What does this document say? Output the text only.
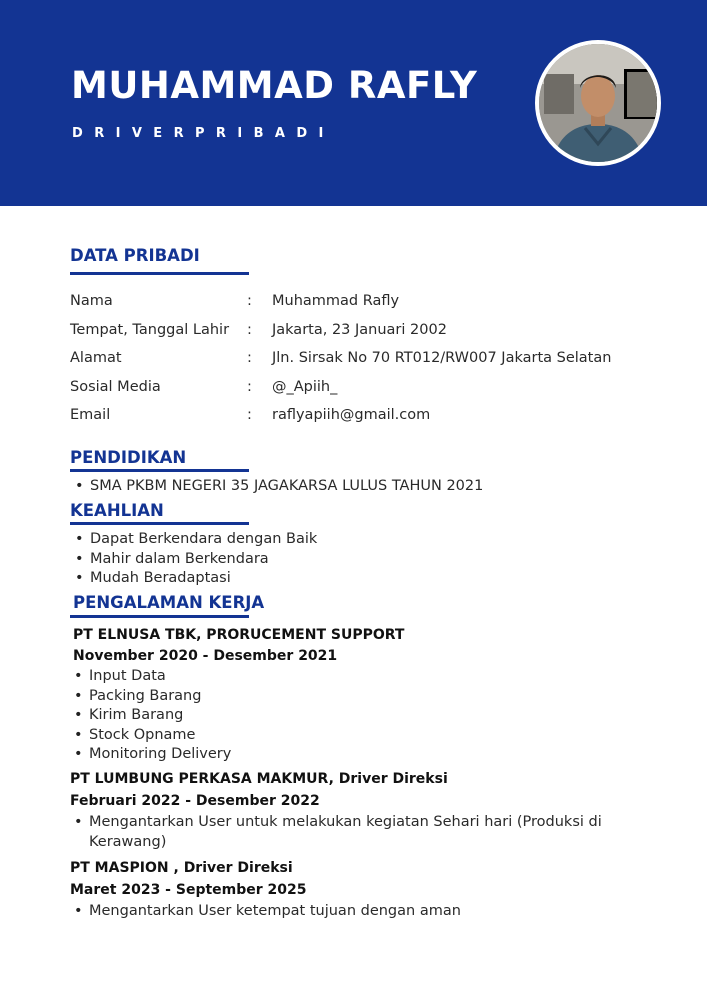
MUHAMMAD RAFLY
DRIVERPRIBADI
DATA PRIBADI
Nama	: Muhammad Rafly
Tempat, Tanggal Lahir : Jakarta, 23 Januari 2002
Alamat	: Jln. Sirsak No 70 RT012/RW007 Jakarta Selatan
Sosial Media	: @_Apiih_
Email	: raflyapiih@gmail.com
PENDIDIKAN
• SMA PKBM NEGERI 35 JAGAKARSA LULUS TAHUN 2021
KEAHLIAN
• Dapat Berkendara dengan Baik
• Mahir dalam Berkendara
• Mudah Beradaptasi
PENGALAMAN KERJA
PT ELNUSA TBK, PRORUCEMENT SUPPORT
November 2020 - Desember 2021
• Input Data
• Packing Barang
• Kirim Barang
• Stock Opname
• Monitoring Delivery
PT LUMBUNG PERKASA MAKMUR, Driver Direksi
Februari 2022 - Desember 2022
• Mengantarkan User untuk melakukan kegiatan Sehari hari (Produksi di Kerawang)
PT MASPION , Driver Direksi
Maret 2023 - September 2025
• Mengantarkan User ketempat tujuan dengan aman
